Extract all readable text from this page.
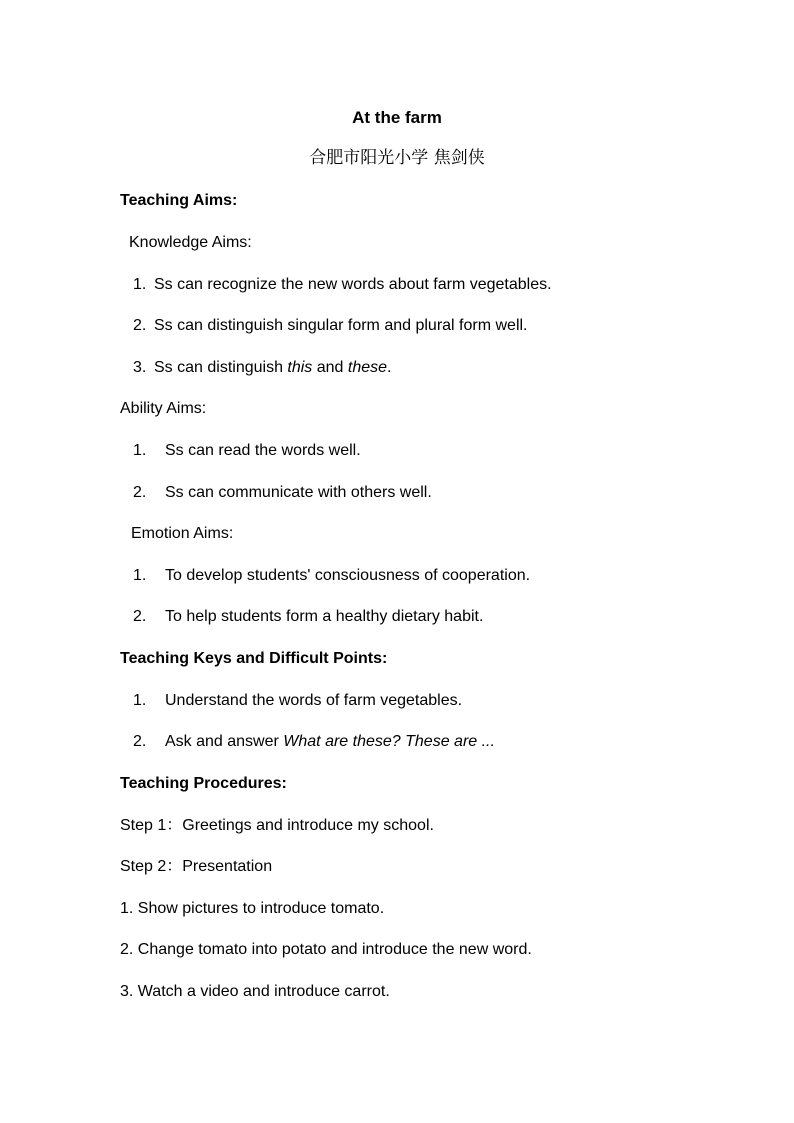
At the farm
合肥市阳光小学 焦剑侠
Teaching Aims:
Knowledge Aims:
1. Ss can recognize the new words about farm vegetables.
2. Ss can distinguish singular form and plural form well.
3. Ss can distinguish this and these.
Ability Aims:
1. Ss can read the words well.
2. Ss can communicate with others well.
Emotion Aims:
1. To develop students' consciousness of cooperation.
2. To help students form a healthy dietary habit.
Teaching Keys and Difficult Points:
1. Understand the words of farm vegetables.
2. Ask and answer What are these? These are ...
Teaching Procedures:
Step 1：Greetings and introduce my school.
Step 2：Presentation
1. Show pictures to introduce tomato.
2. Change tomato into potato and introduce the new word.
3. Watch a video and introduce carrot.
